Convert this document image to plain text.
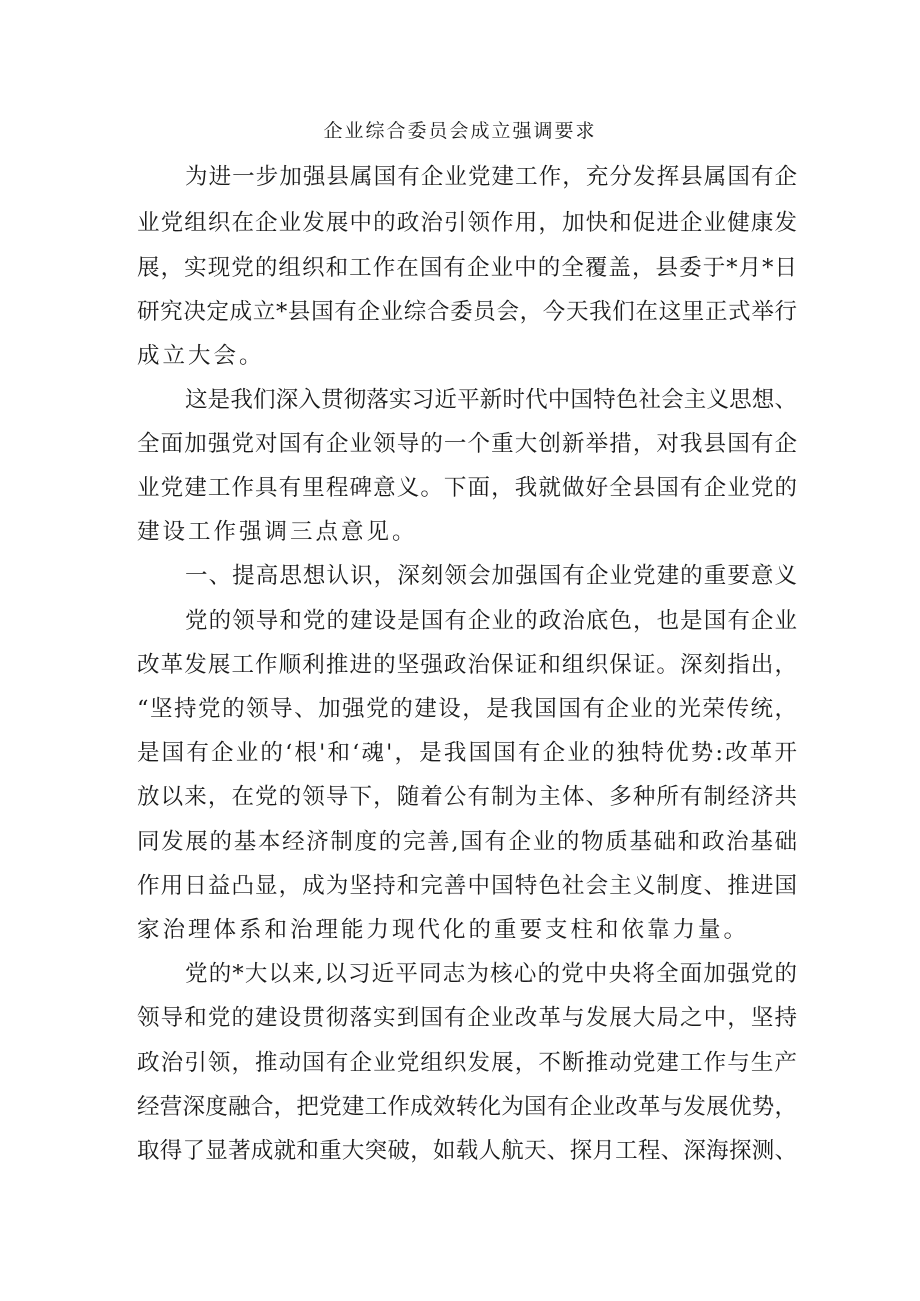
企业综合委员会成立强调要求
为进一步加强县属国有企业党建工作，充分发挥县属国有企
业党组织在企业发展中的政治引领作用，加快和促进企业健康发
展，实现党的组织和工作在国有企业中的全覆盖，县委于*月*日
研究决定成立*县国有企业综合委员会，今天我们在这里正式举行
成立大会。
这是我们深入贯彻落实习近平新时代中国特色社会主义思想、
全面加强党对国有企业领导的一个重大创新举措，对我县国有企
业党建工作具有里程碑意义。下面，我就做好全县国有企业党的
建设工作强调三点意见。
一、提高思想认识，深刻领会加强国有企业党建的重要意义
党的领导和党的建设是国有企业的政治底色，也是国有企业
改革发展工作顺利推进的坚强政治保证和组织保证。深刻指出，
“坚持党的领导、加强党的建设，是我国国有企业的光荣传统，
是国有企业的‘根'和‘魂'，是我国国有企业的独特优势:改革开
放以来，在党的领导下，随着公有制为主体、多种所有制经济共
同发展的基本经济制度的完善,国有企业的物质基础和政治基础
作用日益凸显，成为坚持和完善中国特色社会主义制度、推进国
家治理体系和治理能力现代化的重要支柱和依靠力量。
党的*大以来,以习近平同志为核心的党中央将全面加强党的
领导和党的建设贯彻落实到国有企业改革与发展大局之中，坚持
政治引领，推动国有企业党组织发展，不断推动党建工作与生产
经营深度融合，把党建工作成效转化为国有企业改革与发展优势，
取得了显著成就和重大突破，如载人航天、探月工程、深海探测、
